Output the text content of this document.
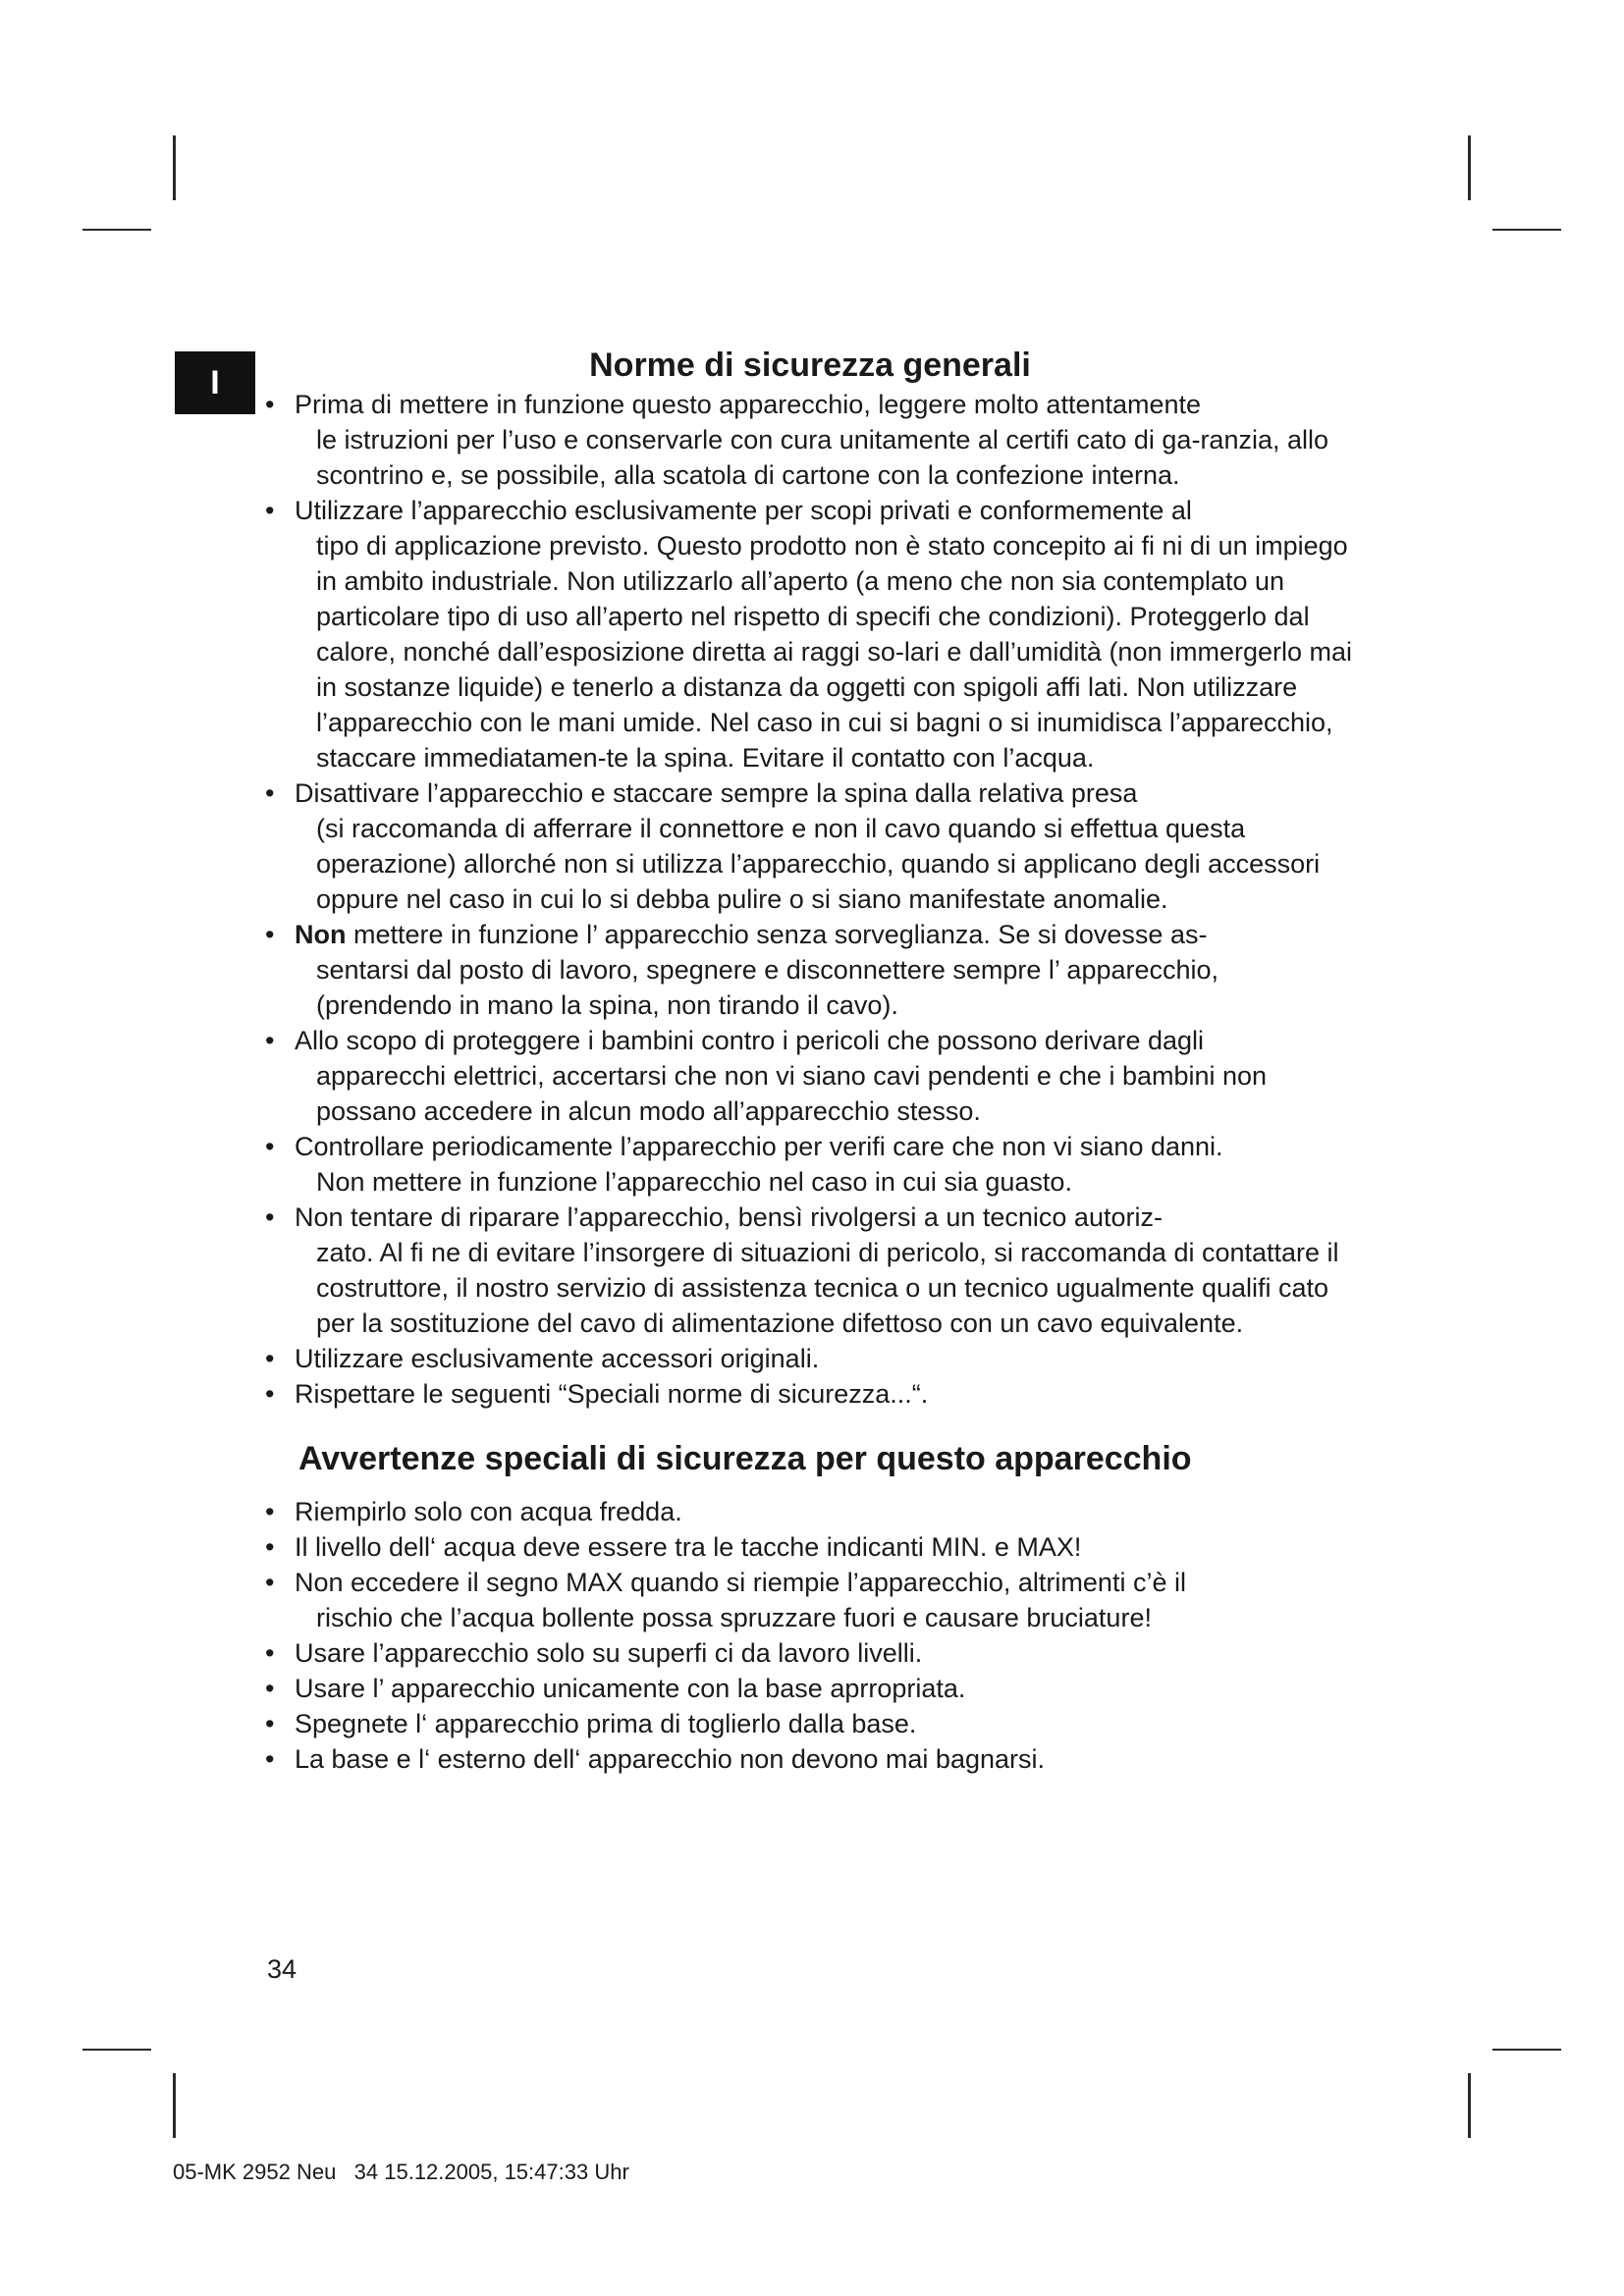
I	Norme di sicurezza generali
• Prima di mettere in funzione questo apparecchio, leggere molto attentamente
le istruzioni per l’uso e conservarle con cura unitamente al certifi cato di ga-ranzia, allo scontrino e, se possibile, alla scatola di cartone con la confezione interna.
• Utilizzare l’apparecchio esclusivamente per scopi privati e conformemente al
tipo di applicazione previsto. Questo prodotto non è stato concepito ai fi ni di un impiego in ambito industriale. Non utilizzarlo all’aperto (a meno che non sia contemplato un particolare tipo di uso all’aperto nel rispetto di specifi che condizioni). Proteggerlo dal calore, nonché dall’esposizione diretta ai raggi so-lari e dall’umidità (non immergerlo mai in sostanze liquide) e tenerlo a distanza da oggetti con spigoli affi lati. Non utilizzare l’apparecchio con le mani umide. Nel caso in cui si bagni o si inumidisca l’apparecchio, staccare immediatamen-te la spina. Evitare il contatto con l’acqua.
• Disattivare l’apparecchio e staccare sempre la spina dalla relativa presa
(si raccomanda di afferrare il connettore e non il cavo quando si effettua questa operazione) allorché non si utilizza l’apparecchio, quando si applicano degli accessori oppure nel caso in cui lo si debba pulire o si siano manifestate anomalie.
• Non mettere in funzione l’ apparecchio senza sorveglianza. Se si dovesse as-
sentarsi dal posto di lavoro, spegnere e disconnettere sempre l’ apparecchio, (prendendo in mano la spina, non tirando il cavo).
• Allo scopo di proteggere i bambini contro i pericoli che possono derivare dagli
apparecchi elettrici, accertarsi che non vi siano cavi pendenti e che i bambini non possano accedere in alcun modo all’apparecchio stesso.
• Controllare periodicamente l’apparecchio per verifi care che non vi siano danni.
Non mettere in funzione l’apparecchio nel caso in cui sia guasto.
• Non tentare di riparare l’apparecchio, bensì rivolgersi a un tecnico autoriz-
zato. Al fi ne di evitare l’insorgere di situazioni di pericolo, si raccomanda di contattare il costruttore, il nostro servizio di assistenza tecnica o un tecnico ugualmente qualifi cato per la sostituzione del cavo di alimentazione difettoso con un cavo equivalente.
• Utilizzare esclusivamente accessori originali.
• Rispettare le seguenti “Speciali norme di sicurezza...“.
Avvertenze speciali di sicurezza per questo apparecchio
• Riempirlo solo con acqua fredda.
• Il livello dell‘ acqua deve essere tra le tacche indicanti MIN. e MAX!
• Non eccedere il segno MAX quando si riempie l’apparecchio, altrimenti c’è il
rischio che l’acqua bollente possa spruzzare fuori e causare bruciature!
• Usare l’apparecchio solo su superfi ci da lavoro livelli.
• Usare l’ apparecchio unicamente con la base aprropriata.
• Spegnete l‘ apparecchio prima di toglierlo dalla base.
• La base e l‘ esterno dell‘ apparecchio non devono mai bagnarsi.
34
05-MK 2952 Neu   34 15.12.2005, 15:47:33 Uhr
